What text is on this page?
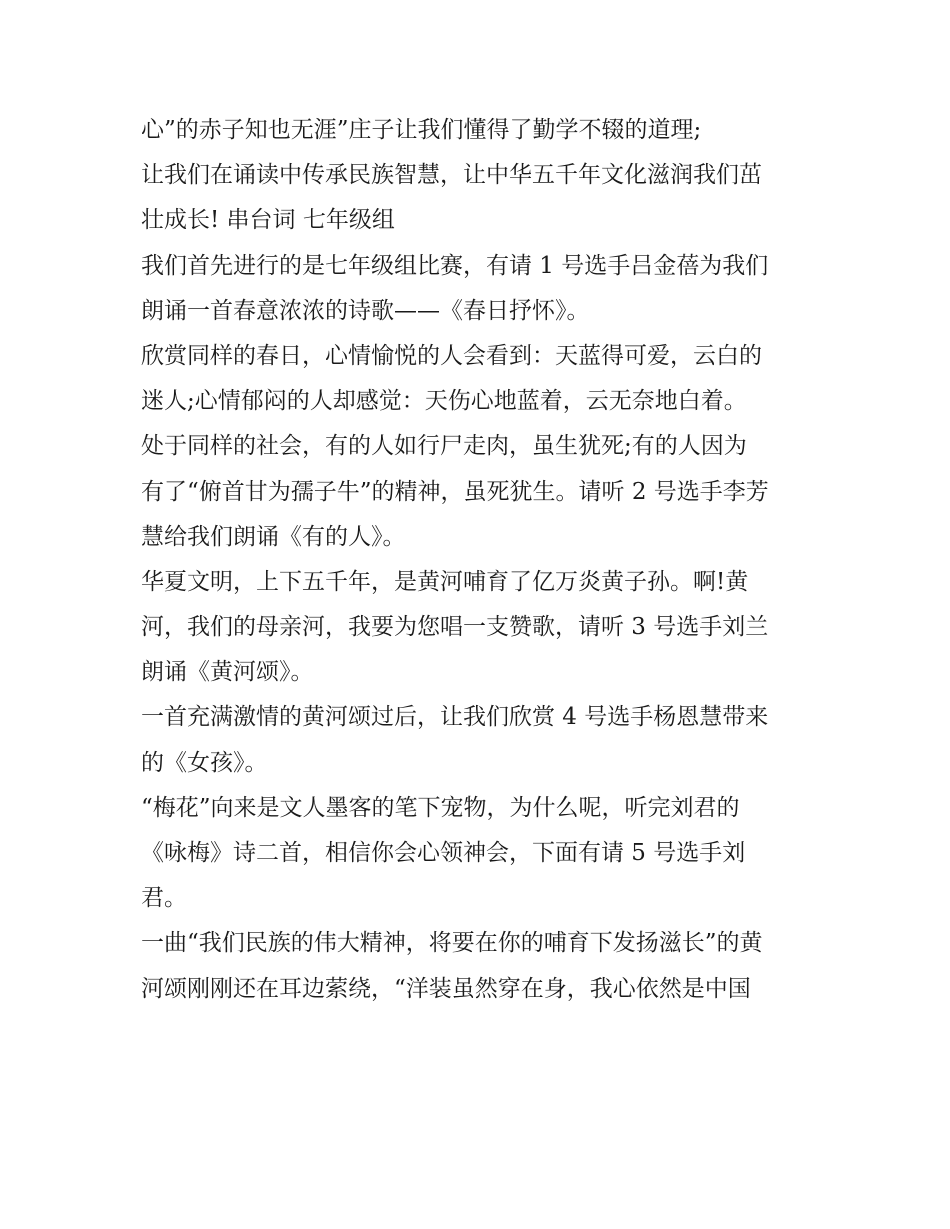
心”的赤子知也无涯”庄子让我们懂得了勤学不辍的道理;
让我们在诵读中传承民族智慧，让中华五千年文化滋润我们茁
壮成长! 串台词 七年级组
我们首先进行的是七年级组比赛，有请 1 号选手吕金蓓为我们
朗诵一首春意浓浓的诗歌——《春日抒怀》。
欣赏同样的春日，心情愉悦的人会看到：天蓝得可爱，云白的
迷人;心情郁闷的人却感觉：天伤心地蓝着，云无奈地白着。
处于同样的社会，有的人如行尸走肉，虽生犹死;有的人因为
有了“俯首甘为孺子牛”的精神，虽死犹生。请听 2 号选手李芳
慧给我们朗诵《有的人》。
华夏文明，上下五千年，是黄河哺育了亿万炎黄子孙。啊!黄
河，我们的母亲河，我要为您唱一支赞歌，请听 3 号选手刘兰
朗诵《黄河颂》。
一首充满激情的黄河颂过后，让我们欣赏 4 号选手杨恩慧带来
的《女孩》。
“梅花”向来是文人墨客的笔下宠物，为什么呢，听完刘君的
《咏梅》诗二首，相信你会心领神会，下面有请 5 号选手刘
君。
一曲“我们民族的伟大精神，将要在你的哺育下发扬滋长”的黄
河颂刚刚还在耳边萦绕，“洋装虽然穿在身，我心依然是中国
